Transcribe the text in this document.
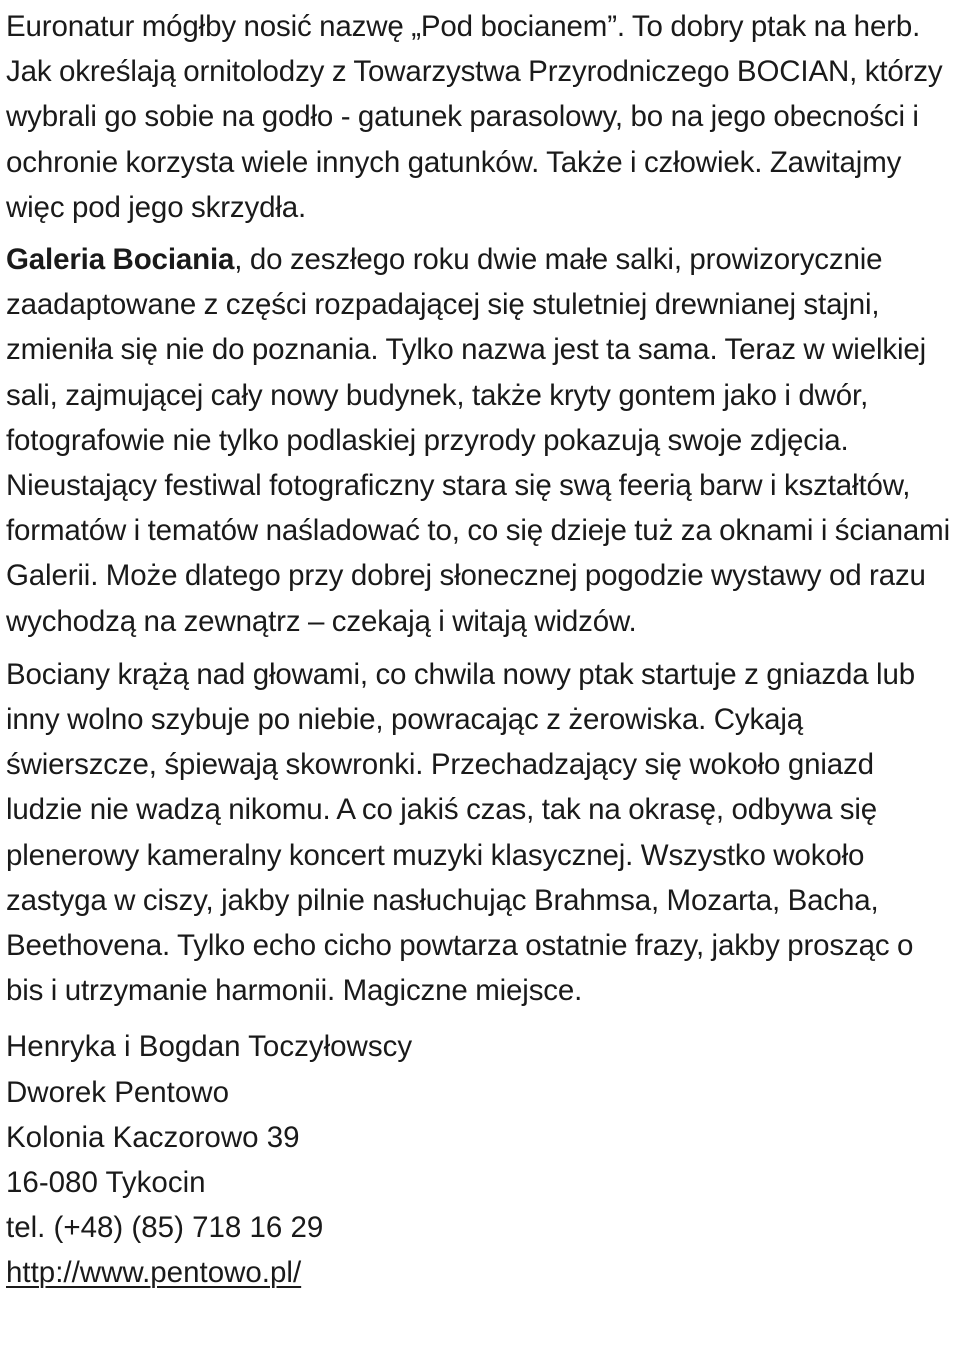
Euronatur mógłby nosić nazwę „Pod bocianem”. To dobry ptak na herb. Jak określają ornitolodzy z Towarzystwa Przyrodniczego BOCIAN, którzy wybrali go sobie na godło - gatunek parasolowy, bo na jego obecności i ochronie korzysta wiele innych gatunków. Także i człowiek. Zawitajmy więc pod jego skrzydła.

Galeria Bociania, do zeszłego roku dwie małe salki, prowizorycznie zaadaptowane z części rozpadającej się stuletniej drewnianej stajni, zmieniła się nie do poznania. Tylko nazwa jest ta sama. Teraz w wielkiej sali, zajmującej cały nowy budynek, także kryty gontem jako i dwór, fotografowie nie tylko podlaskiej przyrody pokazują swoje zdjęcia. Nieustający festiwal fotograficzny stara się swą feerią barw i kształtów, formatów i tematów naśladować to, co się dzieje tuż za oknami i ścianami Galerii. Może dlatego przy dobrej słonecznej pogodzie wystawy od razu wychodzą na zewnątrz – czekają i witają widzów.

Bociany krążą nad głowami, co chwila nowy ptak startuje z gniazda lub inny wolno szybuje po niebie, powracając z żerowiska. Cykają świerszcze, śpiewają skowronki. Przechadzający się wokoło gniazd ludzie nie wadzą nikomu. A co jakiś czas, tak na okrasę, odbywa się plenerowy kameralny koncert muzyki klasycznej. Wszystko wokoło zastyga w ciszy, jakby pilnie nasłuchując Brahmsa, Mozarta, Bacha, Beethovena. Tylko echo cicho powtarza ostatnie frazy, jakby prosząc o bis i utrzymanie harmonii. Magiczne miejsce.

Henryka i Bogdan Toczyłowscy
Dworek Pentowo
Kolonia Kaczorowo 39
16-080 Tykocin
tel. (+48) (85) 718 16 29
http://www.pentowo.pl/
